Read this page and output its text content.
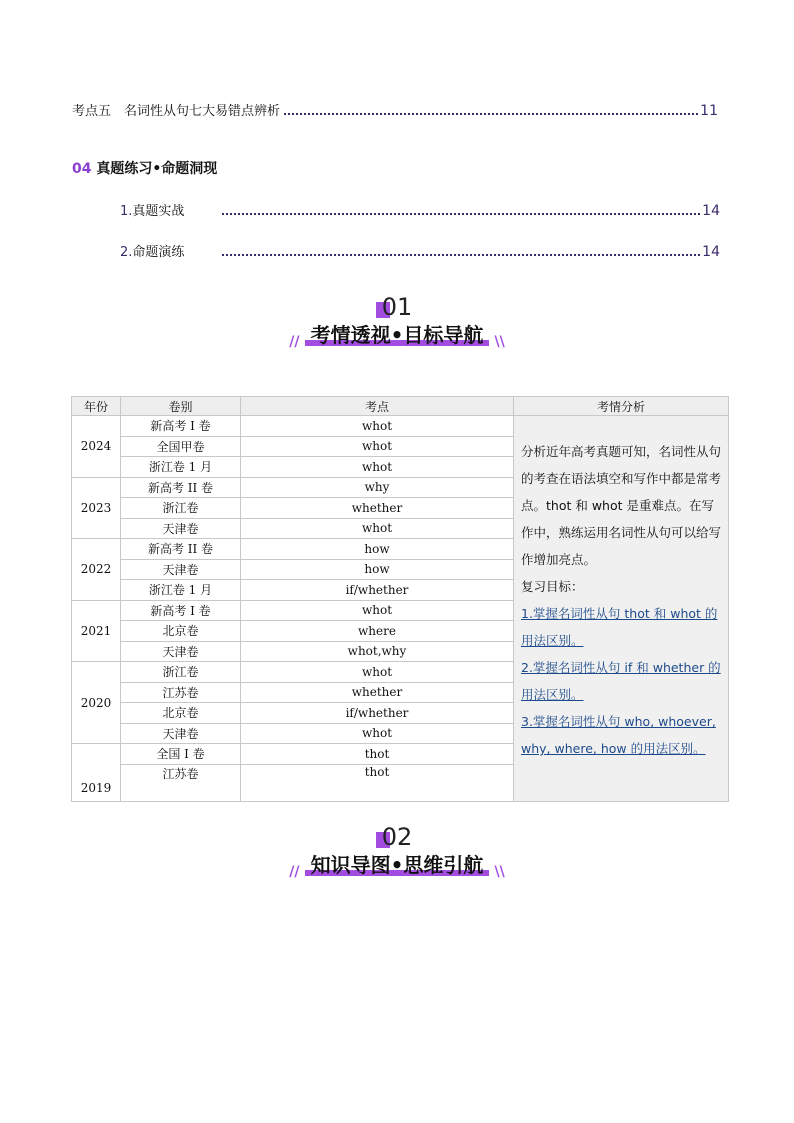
考点五　名词性从句七大易错点辨析	11
04 真题练习•命题洞现
1.真题实战	14
2.命题演练	14
01
// 考情透视•目标导航 \\
年份	卷别	考点	考情分析
2024	新高考 I 卷	whot	分析近年高考真题可知，名词性从句的考查在语法填空和写作中都是常考点。thot 和 whot 是重难点。在写作中，熟练运用名词性从句可以给写作增加亮点。
复习目标：
1.掌握名词性从句 thot 和 whot 的用法区别。
2.掌握名词性从句 if 和 whether 的用法区别。
3.掌握名词性从句 who, whoever, why, where, how 的用法区别。

	全国甲卷	whot	
	浙江卷 1 月	whot	
2023	新高考 II 卷	why	
	浙江卷	whether	
	天津卷	whot	
2022	新高考 II 卷	how	
	天津卷	how	
	浙江卷 1 月	if/whether	
2021	新高考 I 卷	whot	
	北京卷	where	
	天津卷	whot,why	
2020	浙江卷	whot	
	江苏卷	whether	
	北京卷	if/whether	
	天津卷	whot	
2019	全国 I 卷	thot	
	江苏卷	thot	
02
// 知识导图•思维引航 \\
